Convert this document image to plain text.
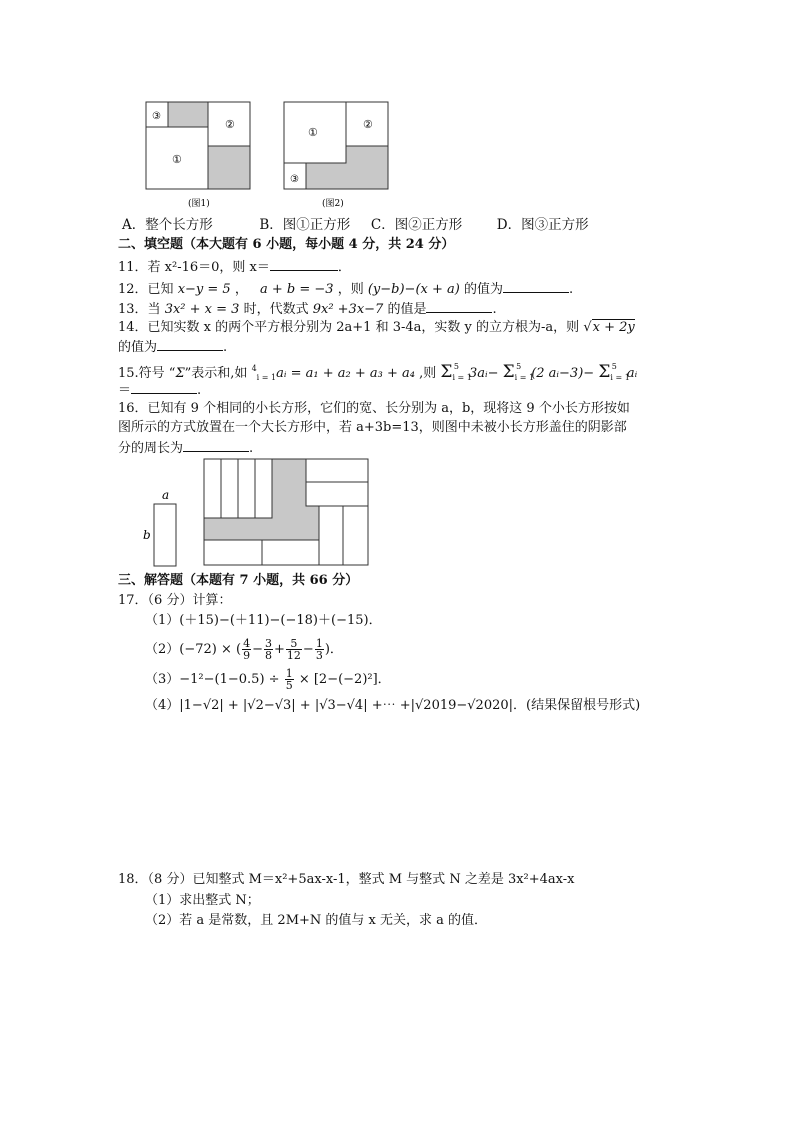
③
②
①
(图1)
①
②
③
(图2)
A．整个长方形	B．图①正方形 C．图②正方形	D．图③正方形
二、填空题（本大题有 6 小题，每小题 4 分，共 24 分）
11．若 x²-16＝0，则 x＝	．
12．已知 x−y = 5 ， a + b = −3 ，则 (y−b)−(x + a) 的值为	.
13．当 3x² + x = 3 时，代数式 9x² +3x−7 的值是	.
14．已知实数 x 的两个平方根分别为 2a+1 和 3-4a，实数 y 的立方根为-a，则 √x + 2y
的值为	.
15.符号 “Σ”表示和,如 $^4_{i = 1}$aᵢ = a₁ + a₂ + a₃ + a₄ ,则 $\Sigma_{i = 1}^5$ 3aᵢ− $\Sigma_{i = 1}^5$ (2 aᵢ−3)− $\Sigma_{i = 1}^5$ aᵢ
＝	.
16．已知有 9 个相同的小长方形，它们的宽、长分别为 a，b，现将这 9 个小长方形按如
图所示的方式放置在一个大长方形中，若 a+3b=13，则图中未被小长方形盖住的阴影部
分的周长为	.
a
b
三、解答题（本题有 7 小题，共 66 分）
17．（6 分）计算：
（1）(＋15)−(＋11)−(−18)＋(−15)．
（2）(−72) × ( $\frac{4}{9} - \frac{3}{8} + \frac{5}{12} - \frac{1}{3}$ )．
$(3)-1^2-(1-0.5) \div \frac{1}{5} \times [2-(-2)^2]$．
（4）|1−√2| + |√2−√3| + |√3−√4| +⋯ +|√2019−√2020|．(结果保留根号形式)
18．（8 分）已知整式 M＝x²+5ax-x-1，整式 M 与整式 N 之差是 3x²+4ax-x
（1）求出整式 N；
（2）若 a 是常数，且 2M+N 的值与 x 无关，求 a 的值．
